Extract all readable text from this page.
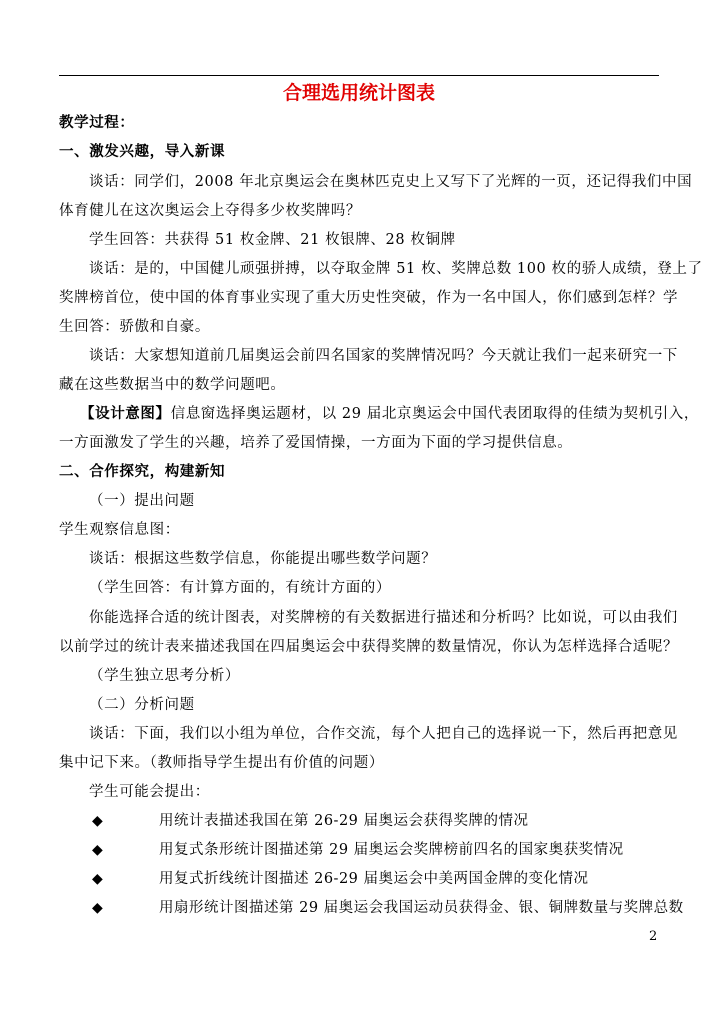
合理选用统计图表
教学过程：
一、激发兴趣，导入新课
谈话：同学们，2008 年北京奥运会在奥林匹克史上又写下了光辉的一页，还记得我们中国
体育健儿在这次奥运会上夺得多少枚奖牌吗？
学生回答：共获得 51 枚金牌、21 枚银牌、28 枚铜牌
谈话：是的，中国健儿顽强拼搏，以夺取金牌 51 枚、奖牌总数 100 枚的骄人成绩，登上了
奖牌榜首位，使中国的体育事业实现了重大历史性突破，作为一名中国人，你们感到怎样？学
生回答：骄傲和自豪。
谈话：大家想知道前几届奥运会前四名国家的奖牌情况吗？今天就让我们一起来研究一下
藏在这些数据当中的数学问题吧。
【设计意图】信息窗选择奥运题材，以 29 届北京奥运会中国代表团取得的佳绩为契机引入，
一方面激发了学生的兴趣，培养了爱国情操，一方面为下面的学习提供信息。
二、合作探究，构建新知
（一）提出问题
学生观察信息图：
谈话：根据这些数学信息，你能提出哪些数学问题？
（学生回答：有计算方面的，有统计方面的）
你能选择合适的统计图表，对奖牌榜的有关数据进行描述和分析吗？比如说，可以由我们
以前学过的统计表来描述我国在四届奥运会中获得奖牌的数量情况，你认为怎样选择合适呢？
（学生独立思考分析）
（二）分析问题
谈话：下面，我们以小组为单位，合作交流，每个人把自己的选择说一下，然后再把意见
集中记下来。（教师指导学生提出有价值的问题）
学生可能会提出：
◆	用统计表描述我国在第 26-29 届奥运会获得奖牌的情况
◆	用复式条形统计图描述第 29 届奥运会奖牌榜前四名的国家奥获奖情况
◆	用复式折线统计图描述 26-29 届奥运会中美两国金牌的变化情况
◆	用扇形统计图描述第 29 届奥运会我国运动员获得金、银、铜牌数量与奖牌总数
2
